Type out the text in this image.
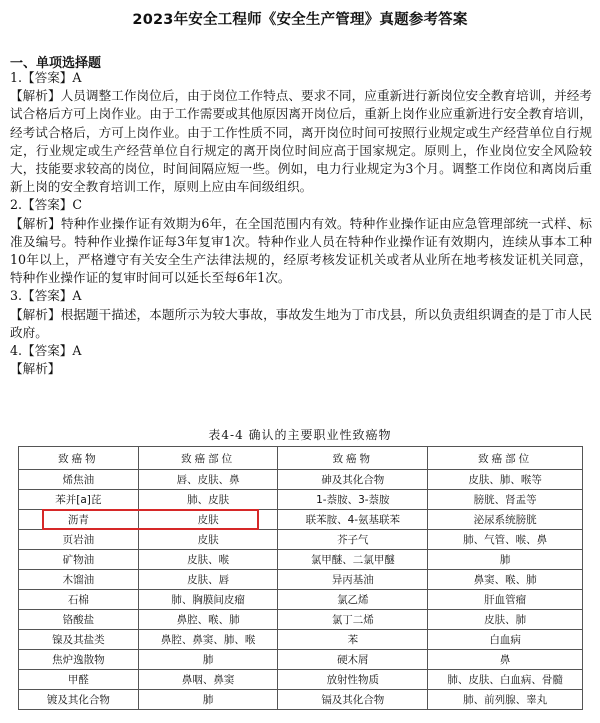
2023年安全工程师《安全生产管理》真题参考答案
一、单项选择题

1.【答案】A

【解析】人员调整工作岗位后，由于岗位工作特点、要求不同，应重新进行新岗位安全教育培训，并经考试合格后方可上岗作业。由于工作需要或其他原因离开岗位后，重新上岗作业应重新进行安全教育培训，经考试合格后，方可上岗作业。由于工作性质不同，离开岗位时间可按照行业规定或生产经营单位自行规定，行业规定或生产经营单位自行规定的离开岗位时间应高于国家规定。原则上，作业岗位安全风险较大，技能要求较高的岗位，时间间隔应短一些。例如，电力行业规定为3个月。调整工作岗位和离岗后重新上岗的安全教育培训工作，原则上应由车间级组织。

2.【答案】C

【解析】特种作业操作证有效期为6年，在全国范围内有效。特种作业操作证由应急管理部统一式样、标准及编号。特种作业操作证每3年复审1次。特种作业人员在特种作业操作证有效期内，连续从事本工种10年以上，严格遵守有关安全生产法律法规的，经原考核发证机关或者从业所在地考核发证机关同意，特种作业操作证的复审时间可以延长至每6年1次。

3.【答案】A

【解析】根据题干描述，本题所示为较大事故，事故发生地为丁市戊县，所以负责组织调查的是丁市人民政府。

4.【答案】A

【解析】

表4-4 确认的主要职业性致癌物
致癌物	致癌部位	致癌物	致癌部位
烯焦油	唇、皮肤、鼻	砷及其化合物	皮肤、肺、喉等
苯并[a]芘	肺、皮肤	1-萘胺、3-萘胺	膀胱、肾盂等
沥青	皮肤	联苯胺、4-氨基联苯	泌尿系统膀胱
页岩油	皮肤	芥子气	肺、气管、喉、鼻
矿物油	皮肤、喉	氯甲醚、二氯甲醚	肺
木馏油	皮肤、唇	异丙基油	鼻窦、喉、肺
石棉	肺、胸膜间皮瘤	氯乙烯	肝血管瘤
铬酸盐	鼻腔、喉、肺	氯丁二烯	皮肤、肺
镍及其盐类	鼻腔、鼻窦、肺、喉	苯	白血病
焦炉逸散物	肺	硬木屑	鼻
甲醛	鼻咽、鼻窦	放射性物质	肺、皮肤、白血病、骨髓
镀及其化合物	肺	镉及其化合物	肺、前列腺、睾丸
